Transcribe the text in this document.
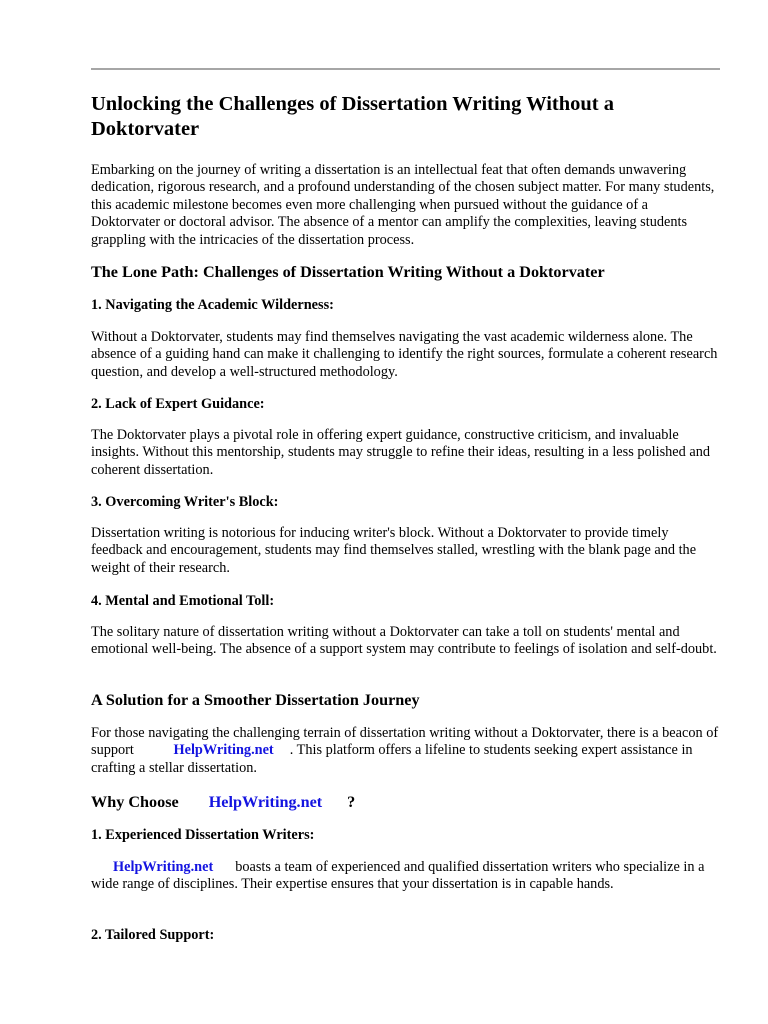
Unlocking the Challenges of Dissertation Writing Without a Doktorvater

Embarking on the journey of writing a dissertation is an intellectual feat that often demands unwavering dedication, rigorous research, and a profound understanding of the chosen subject matter. For many students, this academic milestone becomes even more challenging when pursued without the guidance of a Doktorvater or doctoral advisor. The absence of a mentor can amplify the complexities, leaving students grappling with the intricacies of the dissertation process.

The Lone Path: Challenges of Dissertation Writing Without a Doktorvater
1. Navigating the Academic Wilderness:

Without a Doktorvater, students may find themselves navigating the vast academic wilderness alone. The absence of a guiding hand can make it challenging to identify the right sources, formulate a coherent research question, and develop a well-structured methodology.

2. Lack of Expert Guidance:

The Doktorvater plays a pivotal role in offering expert guidance, constructive criticism, and invaluable insights. Without this mentorship, students may struggle to refine their ideas, resulting in a less polished and coherent dissertation.

3. Overcoming Writer's Block:

Dissertation writing is notorious for inducing writer's block. Without a Doktorvater to provide timely feedback and encouragement, students may find themselves stalled, wrestling with the blank page and the weight of their research.

4. Mental and Emotional Toll:

The solitary nature of dissertation writing without a Doktorvater can take a toll on students' mental and emotional well-being. The absence of a support system may contribute to feelings of isolation and self-doubt.

A Solution for a Smoother Dissertation Journey

For those navigating the challenging terrain of dissertation writing without a Doktorvater, there is a beacon of support	HelpWriting.net . This platform offers a lifeline to students seeking expert assistance in crafting a stellar dissertation.

Why Choose HelpWriting.net ?
1. Experienced Dissertation Writers:

HelpWriting.net boasts a team of experienced and qualified dissertation writers who specialize in a wide range of disciplines. Their expertise ensures that your dissertation is in capable hands.

2. Tailored Support:
